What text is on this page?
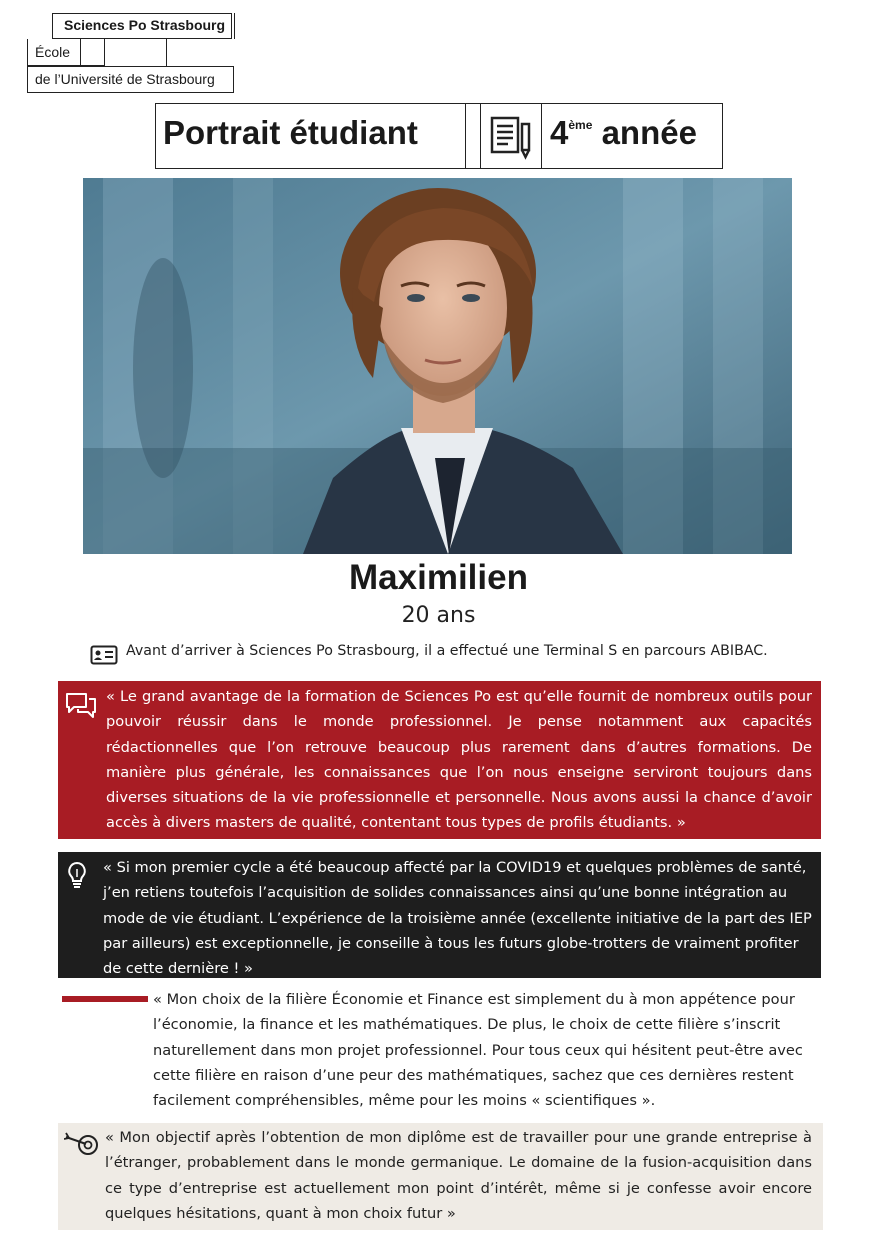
Sciences Po Strasbourg
École
de l’Université de Strasbourg
Portrait étudiant	4ème année
Maximilien
20 ans
Avant d’arriver à Sciences Po Strasbourg, il a effectué une Terminal S en parcours ABIBAC.
« Le grand avantage de la formation de Sciences Po est qu’elle fournit de nombreux outils pour pouvoir réussir dans le monde professionnel. Je pense notamment aux capacités rédactionnelles que l’on retrouve beaucoup plus rarement dans d’autres formations. De manière plus générale, les connaissances que l’on nous enseigne serviront toujours dans diverses situations de la vie professionnelle et personnelle. Nous avons aussi la chance d’avoir accès à divers masters de qualité, contentant tous types de profils étudiants. »
« Si mon premier cycle a été beaucoup affecté par la COVID19 et quelques problèmes de santé, j’en retiens toutefois l’acquisition de solides connaissances ainsi qu’une bonne intégration au mode de vie étudiant. L’expérience de la troisième année (excellente initiative de la part des IEP par ailleurs) est exceptionnelle, je conseille à tous les futurs globe-trotters de vraiment profiter de cette dernière ! »
« Mon choix de la filière Économie et Finance est simplement du à mon appétence pour l’économie, la finance et les mathématiques. De plus, le choix de cette filière s’inscrit naturellement dans mon projet professionnel. Pour tous ceux qui hésitent peut-être avec cette filière en raison d’une peur des mathématiques, sachez que ces dernières restent facilement compréhensibles, même pour les moins « scientifiques ».
« Mon objectif après l’obtention de mon diplôme est de travailler pour une grande entreprise à l’étranger, probablement dans le monde germanique. Le domaine de la fusion-acquisition dans ce type d’entreprise est actuellement mon point d’intérêt, même si je confesse avoir encore quelques hésitations, quant à mon choix futur »
